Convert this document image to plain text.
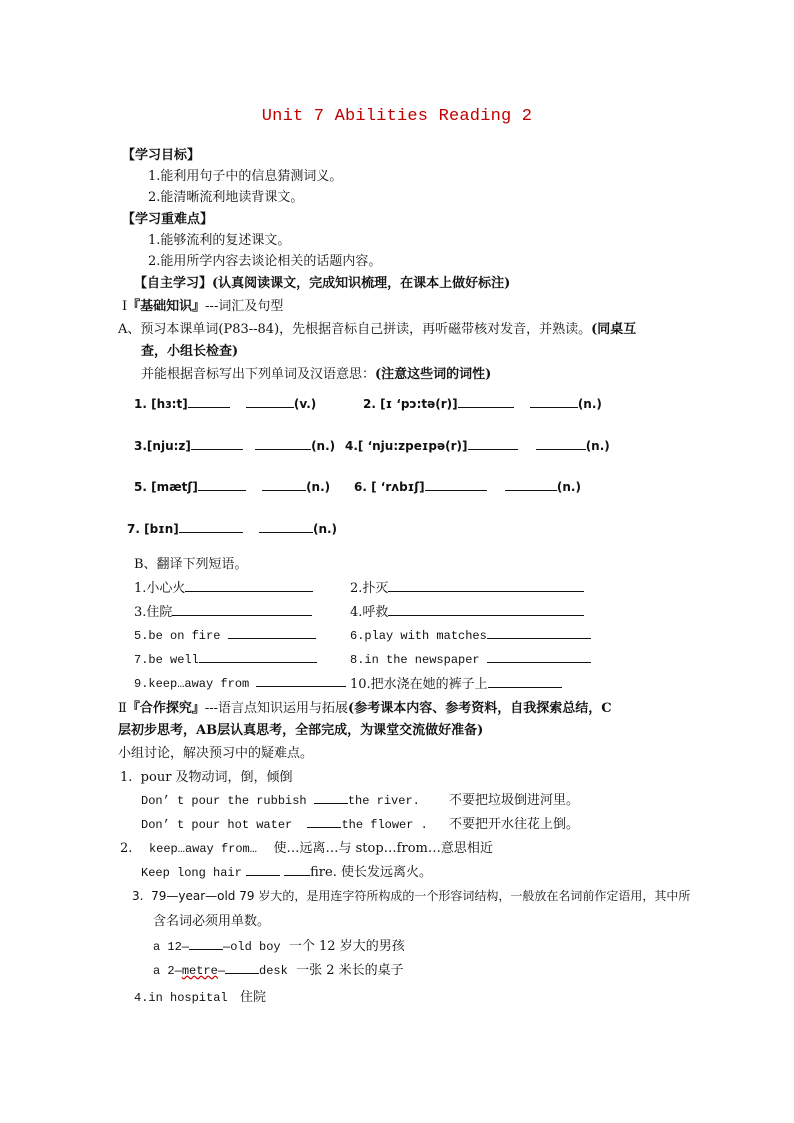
Unit 7 Abilities Reading 2
【学习目标】
1.能利用句子中的信息猜测词义。
2.能清晰流利地读背课文。
【学习重难点】
1.能够流利的复述课文。
2.能用所学内容去谈论相关的话题内容。
【自主学习】(认真阅读课文，完成知识梳理，在课本上做好标注)
Ⅰ『基础知识』---词汇及句型
A、预习本课单词(P83--84)，先根据音标自己拼读，再听磁带核对发音，并熟读。(同桌互
查，小组长检查)
并能根据音标写出下列单词及汉语意思：(注意这些词的词性)
1. [hɜ:t]	(v.)	2. [ɪ ‘pɔ:tə(r)]	(n.)
3.[nju:z]	(n.) 4.[ ‘nju:zpeɪpə(r)]	(n.)
5. [mætʃ]	(n.) 6. [ ‘rʌbɪʃ]	(n.)
7. [bɪn]	(n.)
B、翻译下列短语。
1.小心火	2.扑灭
3.住院	4.呼救
5.be on fire	6.play with matches
7.be well	8.in the newspaper
9.keep…away from	10.把水浇在她的裤子上
Ⅱ『合作探究』---语言点知识运用与拓展(参考课本内容、参考资料，自我探索总结，C
层初步思考，AB层认真思考，全部完成，为课堂交流做好准备)
小组讨论，解决预习中的疑难点。
1. pour 及物动词，倒，倾倒
Don’ t pour the rubbish	the river. 不要把垃圾倒进河里。
Don’ t pour hot water	the flower . 不要把开水往花上倒。
2. keep…away from… 使…远离…与 stop…from…意思相近
Keep long hair	fire. 使长发远离火。
3. 79—year—old 79 岁大的，是用连字符所构成的一个形容词结构，一般放在名词前作定语用，其中所
含名词必须用单数。
a 12—	—old boy 一个 12 岁大的男孩
a 2—metre—	desk 一张 2 米长的桌子
4.in hospital 住院
